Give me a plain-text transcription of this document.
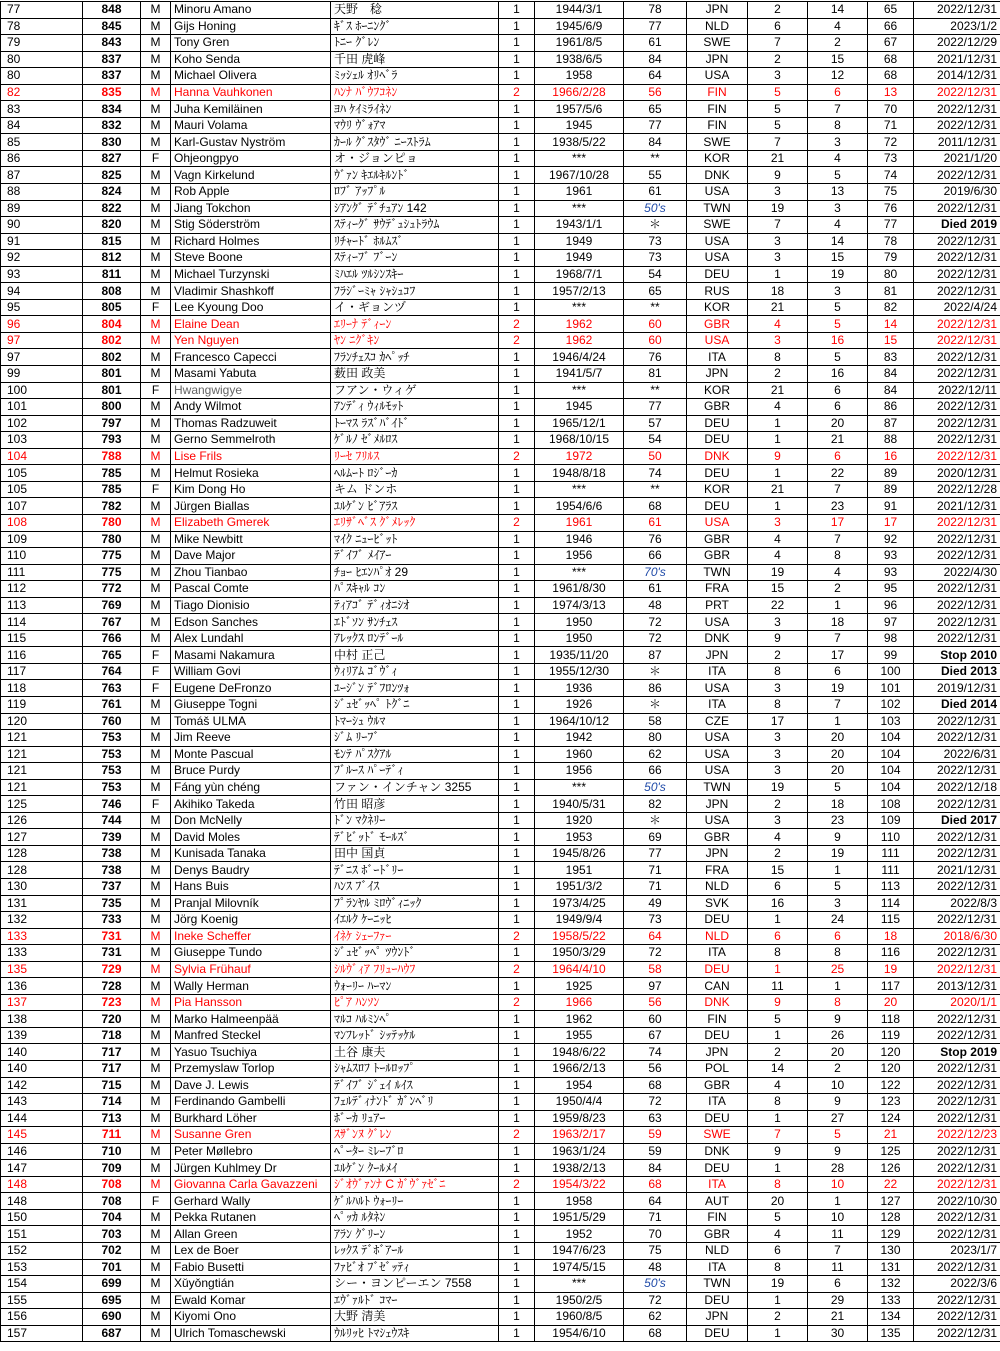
77	848	M	Minoru Amano	天野　稔	1	1944/3/1	78	JPN	2	14	65	2022/12/31
78	845	M	Gijs Honing	ｷﾞｽ ﾎｰﾆﾝｸﾞ	1	1945/6/9	77	NLD	6	4	66	2023/1/2
79	843	M	Tony Gren	ﾄﾆｰ ｸﾞﾚﾝ	1	1961/8/5	61	SWE	7	2	67	2022/12/29
80	837	M	Koho Senda	千田 虎峰	1	1938/6/5	84	JPN	2	15	68	2021/12/31
80	837	M	Michael Olivera	ﾐｯｼｪﾙ ｵﾘﾍﾞﾗ	1	1958	64	USA	3	12	68	2014/12/31
82	835	M	Hanna Vauhkonen	ﾊﾝﾅ ﾊﾞｳﾌｺﾈﾝ	2	1966/2/28	56	FIN	5	6	13	2022/12/31
83	834	M	Juha Kemiläinen	ﾖﾊ ｹｲﾐﾗｲﾈﾝ	1	1957/5/6	65	FIN	5	7	70	2022/12/31
84	832	M	Mauri Volama	ﾏｳﾘ ｳﾞｫｱﾏ	1	1945	77	FIN	5	8	71	2022/12/31
85	830	M	Karl-Gustav Nyström	ｶｰﾙ ｸﾞｽﾀｳﾞ ﾆｰｽﾄﾗﾑ	1	1938/5/22	84	SWE	7	3	72	2011/12/31
86	827	F	Ohjeongpyo	オ・ジョンピョ	1	***	**	KOR	21	4	73	2021/1/20
87	825	M	Vagn Kirkelund	ｳﾞｧﾝ ｷｴﾙｷﾙﾝﾄﾞ	1	1967/10/28	55	DNK	9	5	74	2022/12/31
88	824	M	Rob Apple	ﾛﾌﾞ ｱｯﾌﾟﾙ	1	1961	61	USA	3	13	75	2019/6/30
89	822	M	Jiang Tokchon	ｼｱﾝｸﾞ ﾃﾞﾁｭｱﾝ 142	1	***	50's	TWN	19	3	76	2022/12/31
90	820	M	Stig Söderström	ｽﾃｨｰｸﾞ ｻｳﾃﾞｭｼｭﾄﾗｳﾑ	1	1943/1/1	＊	SWE	7	4	77	Died 2019
91	815	M	Richard Holmes	ﾘﾁｬｰﾄﾞ ﾎﾙﾑｽﾞ	1	1949	73	USA	3	14	78	2022/12/31
92	812	M	Steve Boone	ｽﾃｨｰﾌﾞ ﾌﾞｰﾝ	1	1949	73	USA	3	15	79	2022/12/31
93	811	M	Michael Turzynski	ﾐﾊｴﾙ ﾂﾙｼﾝｽｷｰ	1	1968/7/1	54	DEU	1	19	80	2022/12/31
94	808	M	Vladimir Shashkoff	ﾌﾗｼﾞｰﾐｬ ｼｬｼｭｺﾌ	1	1957/2/13	65	RUS	18	3	81	2022/12/31
95	805	F	Lee Kyoung Doo	イ・ギョンヅ	1	***	**	KOR	21	5	82	2022/4/24
96	804	M	Elaine Dean	ｴﾘｰﾅ ﾃﾞｨｰﾝ	2	1962	60	GBR	4	5	14	2022/12/31
97	802	M	Yen Nguyen	ﾔﾝ ﾆｸﾞｷﾝ	2	1962	60	USA	3	16	15	2022/12/31
97	802	M	Francesco Capecci	ﾌﾗﾝﾁｪｽｺ ｶﾍﾟｯﾁ	1	1946/4/24	76	ITA	8	5	83	2022/12/31
99	801	M	Masami Yabuta	薮田 政美	1	1941/5/7	81	JPN	2	16	84	2022/12/31
100	801	F	Hwangwigye	フアン・ウィゲ	1	***	**	KOR	21	6	84	2022/12/11
101	800	M	Andy Wilmot	ｱﾝﾃﾞｨ ｳｨﾙﾓｯﾄ	1	1945	77	GBR	4	6	86	2022/12/31
102	797	M	Thomas Radzuweit	ﾄｰﾏｽ ﾗｽﾞﾊﾞｲﾄﾞ	1	1965/12/1	57	DEU	1	20	87	2022/12/31
103	793	M	Gerno Semmelroth	ｹﾞﾙﾉ ｾﾞﾒﾙﾛｽ	1	1968/10/15	54	DEU	1	21	88	2022/12/31
104	788	M	Lise Frils	ﾘｰｾ ﾌﾘﾙｽ	2	1972	50	DNK	9	6	16	2022/12/31
105	785	M	Helmut Rosieka	ﾍﾙﾑｰﾄ ﾛｼﾞｰｶ	1	1948/8/18	74	DEU	1	22	89	2020/12/31
105	785	F	Kim Dong Ho	キム ドンホ	1	***	**	KOR	21	7	89	2022/12/28
107	782	M	Jürgen Biallas	ﾕﾙｹﾞﾝ ﾋﾞｱﾗｽ	1	1954/6/6	68	DEU	1	23	91	2021/12/31
108	780	M	Elizabeth Gmerek	ｴﾘｻﾞﾍﾞｽ ｸﾞﾒﾚｯｸ	2	1961	61	USA	3	17	17	2022/12/31
109	780	M	Mike Newbitt	ﾏｲｸ ﾆｭｰﾋﾞｯﾄ	1	1946	76	GBR	4	7	92	2022/12/31
110	775	M	Dave Major	ﾃﾞｲﾌﾞ ﾒｲｱｰ	1	1956	66	GBR	4	8	93	2022/12/31
111	775	M	Zhou Tianbao	ﾁｮｰ ﾋｴﾝﾊﾟｵ 29	1	***	70's	TWN	19	4	93	2022/4/30
112	772	M	Pascal Comte	ﾊﾟｽｷｬﾙ ｺﾝ	1	1961/8/30	61	FRA	15	2	95	2022/12/31
113	769	M	Tiago Dionisio	ﾃｨｱｺﾞ ﾃﾞｨｵﾆｼｵ	1	1974/3/13	48	PRT	22	1	96	2022/12/31
114	767	M	Edson Sanches	ｴﾄﾞｿﾝ ｻﾝﾁｪｽ	1	1950	72	USA	3	18	97	2022/12/31
115	766	M	Alex Lundahl	ｱﾚｯｸｽ ﾛﾝﾃﾞｰﾙ	1	1950	72	DNK	9	7	98	2022/12/31
116	765	F	Masami Nakamura	中村 正己	1	1935/11/20	87	JPN	2	17	99	Stop 2010
117	764	F	William Govi	ｳｨﾘｱﾑ ｺﾞｳﾞｨ	1	1955/12/30	＊	ITA	8	6	100	Died 2013
118	763	F	Eugene DeFronzo	ﾕｰｼﾞﾝ ﾃﾞﾌﾛﾝﾂｫ	1	1936	86	USA	3	19	101	2019/12/31
119	761	M	Giuseppe Togni	ｼﾞｭｾﾞｯﾍﾟ ﾄｸﾞﾆ	1	1926	＊	ITA	8	7	102	Died 2014
120	760	M	Tomáš ULMA	ﾄﾏｰｼｭ ｳﾙﾏ	1	1964/10/12	58	CZE	17	1	103	2022/12/31
121	753	M	Jim Reeve	ｼﾞﾑ ﾘｰﾌﾞ	1	1942	80	USA	3	20	104	2022/12/31
121	753	M	Monte Pascual	ﾓﾝﾃ ﾊﾟｽｸｱﾙ	1	1960	62	USA	3	20	104	2022/6/31
121	753	M	Bruce Purdy	ﾌﾞﾙｰｽ ﾊﾟｰﾃﾞｨ	1	1956	66	USA	3	20	104	2022/12/31
121	753	M	Fáng yùn chéng	ファン・インチャン 3255	1	***	50's	TWN	19	5	104	2022/12/18
125	746	F	Akihiko Takeda	竹田 昭彦	1	1940/5/31	82	JPN	2	18	108	2022/12/31
126	744	M	Don McNelly	ﾄﾞﾝ ﾏｸﾈﾘｰ	1	1920	＊	USA	3	23	109	Died 2017
127	739	M	David Moles	ﾃﾞﾋﾞｯﾄﾞ ﾓｰﾙｽﾞ	1	1953	69	GBR	4	9	110	2022/12/31
128	738	M	Kunisada Tanaka	田中 国貞	1	1945/8/26	77	JPN	2	19	111	2022/12/31
128	738	M	Denys Baudry	ﾃﾞﾆｽ ﾎﾞｰﾄﾞﾘｰ	1	1951	71	FRA	15	1	111	2021/12/31
130	737	M	Hans Buis	ﾊﾝｽ ﾌﾞｲｽ	1	1951/3/2	71	NLD	6	5	113	2022/12/31
131	735	M	Pranjal Milovník	ﾌﾟﾗﾝﾔﾙ ﾐﾛｳﾞｨﾆｯｸ	1	1973/4/25	49	SVK	16	3	114	2022/8/3
132	733	M	Jörg Koenig	ｲｴﾙｸ ｹｰﾆｯﾋ	1	1949/9/4	73	DEU	1	24	115	2022/12/31
133	731	M	Ineke Scheffer	ｲﾈｹ ｼｪｰﾌｧｰ	2	1958/5/22	64	NLD	6	6	18	2018/6/30
133	731	M	Giuseppe Tundo	ｼﾞｭｾﾞｯﾍﾟ ﾂｳﾝﾄﾞ	1	1950/3/29	72	ITA	8	8	116	2022/12/31
135	729	M	Sylvia Frühauf	ｼﾙｳﾞｨｱ ﾌﾘｭｰﾊｳﾌ	2	1964/4/10	58	DEU	1	25	19	2022/12/31
136	728	M	Wally Herman	ｳｫｰﾘｰ ﾊｰﾏﾝ	1	1925	97	CAN	11	1	117	2013/12/31
137	723	M	Pia Hansson	ﾋﾟｱ ﾊﾝｿﾝ	2	1966	56	DNK	9	8	20	2020/1/1
138	720	M	Marko Halmeenpää	ﾏﾙｺ ﾊﾙﾐﾝﾍﾟ	1	1962	60	FIN	5	9	118	2022/12/31
139	718	M	Manfred Steckel	ﾏﾝﾌﾚｯﾄﾞ ｼｯﾃｯｹﾙ	1	1955	67	DEU	1	26	119	2022/12/31
140	717	M	Yasuo Tsuchiya	土谷 康夫	1	1948/6/22	74	JPN	2	20	120	Stop 2019
140	717	M	Przemyslaw Torlop	ｼｬﾑｽﾛﾌ ﾄｰﾙﾛｯﾌﾟ	1	1966/2/13	56	POL	14	2	120	2022/12/31
142	715	M	Dave J. Lewis	ﾃﾞｲﾌﾞ ｼﾞｪｲ ﾙｲｽ	1	1954	68	GBR	4	10	122	2022/12/31
143	714	M	Ferdinando Gambelli	ﾌｪﾙﾃﾞｨﾅﾝﾄﾞ ｶﾞﾝﾍﾞﾘ	1	1950/4/4	72	ITA	8	9	123	2022/12/31
144	713	M	Burkhard Löher	ﾎﾞｰｶ ﾘｭｱｰ	1	1959/8/23	63	DEU	1	27	124	2022/12/31
145	711	M	Susanne Gren	ｽｻﾞﾝﾇ ｸﾞﾚﾝ	2	1963/2/17	59	SWE	7	5	21	2022/12/23
146	710	M	Peter Møllebro	ﾍﾟｰﾀｰ ﾐﾚｰﾌﾞﾛ	1	1963/1/24	59	DNK	9	9	125	2022/12/31
147	709	M	Jürgen Kuhlmey Dr	ﾕﾙｹﾞﾝ ｸｰﾙﾒｲ	1	1938/2/13	84	DEU	1	28	126	2022/12/31
148	708	M	Giovanna Carla Gavazzeni	ｼﾞｵｳﾞｧﾝﾅ C ｶﾞｳﾞｧｾﾞﾆ	2	1954/3/22	68	ITA	8	10	22	2022/12/31
148	708	F	Gerhard Wally	ｹﾞﾙﾊﾙﾄ ｳｫｰﾘｰ	1	1958	64	AUT	20	1	127	2022/10/30
150	704	M	Pekka Rutanen	ﾍﾟｯｶ ﾙﾀﾈﾝ	1	1951/5/29	71	FIN	5	10	128	2022/12/31
151	703	M	Allan Green	ｱﾗﾝ ｸﾞﾘｰﾝ	1	1952	70	GBR	4	11	129	2022/12/31
152	702	M	Lex de Boer	ﾚｯｸｽ ﾃﾞﾎﾞｱｰﾙ	1	1947/6/23	75	NLD	6	7	130	2023/1/7
153	701	M	Fabio Busetti	ﾌｧﾋﾞｵ ﾌﾞｾﾞｯﾃｨ	1	1974/5/15	48	ITA	8	11	131	2022/12/31
154	699	M	Xǔyǒngtián	シー・ヨンピーエン 7558	1	***	50's	TWN	19	6	132	2022/3/6
155	695	M	Ewald Komar	ｴｳﾞｧﾙﾄﾞ ｺﾏｰ	1	1950/2/5	72	DEU	1	29	133	2022/12/31
156	690	M	Kiyomi Ono	大野 清美	1	1960/8/5	62	JPN	2	21	134	2022/12/31
157	687	M	Ulrich Tomaschewski	ｳﾙﾘｯﾋ ﾄﾏｼｪｳｽｷ	1	1954/6/10	68	DEU	1	30	135	2022/12/31
